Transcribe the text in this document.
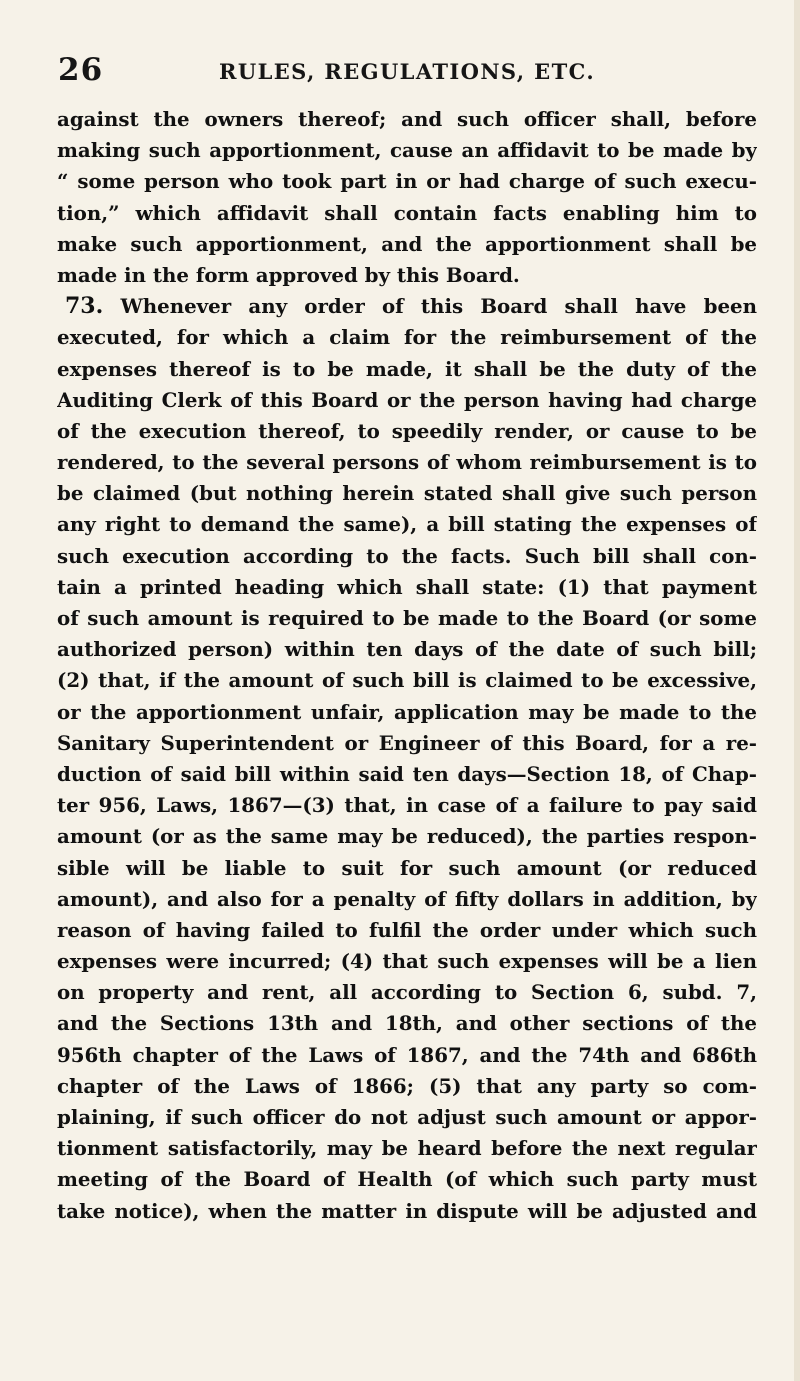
26	RULES, REGULATIONS, ETC.
against the owners thereof; and such officer shall, before
making such apportionment, cause an affidavit to be made by
“ some person who took part in or had charge of such execu-
tion,” which affidavit shall contain facts enabling him to
make such apportionment, and the apportionment shall be
made in the form approved by this Board.
73. Whenever any order of this Board shall have been
executed, for which a claim for the reimbursement of the
expenses thereof is to be made, it shall be the duty of the
Auditing Clerk of this Board or the person having had charge
of the execution thereof, to speedily render, or cause to be
rendered, to the several persons of whom reimbursement is to
be claimed (but nothing herein stated shall give such person
any right to demand the same), a bill stating the expenses of
such execution according to the facts. Such bill shall con-
tain a printed heading which shall state: (1) that payment
of such amount is required to be made to the Board (or some
authorized person) within ten days of the date of such bill;
(2) that, if the amount of such bill is claimed to be excessive,
or the apportionment unfair, application may be made to the
Sanitary Superintendent or Engineer of this Board, for a re-
duction of said bill within said ten days—Section 18, of Chap-
ter 956, Laws, 1867—(3) that, in case of a failure to pay said
amount (or as the same may be reduced), the parties respon-
sible will be liable to suit for such amount (or reduced
amount), and also for a penalty of fifty dollars in addition, by
reason of having failed to fulfil the order under which such
expenses were incurred; (4) that such expenses will be a lien
on property and rent, all according to Section 6, subd. 7,
and the Sections 13th and 18th, and other sections of the
956th chapter of the Laws of 1867, and the 74th and 686th
chapter of the Laws of 1866; (5) that any party so com-
plaining, if such officer do not adjust such amount or appor-
tionment satisfactorily, may be heard before the next regular
meeting of the Board of Health (of which such party must
take notice), when the matter in dispute will be adjusted and
